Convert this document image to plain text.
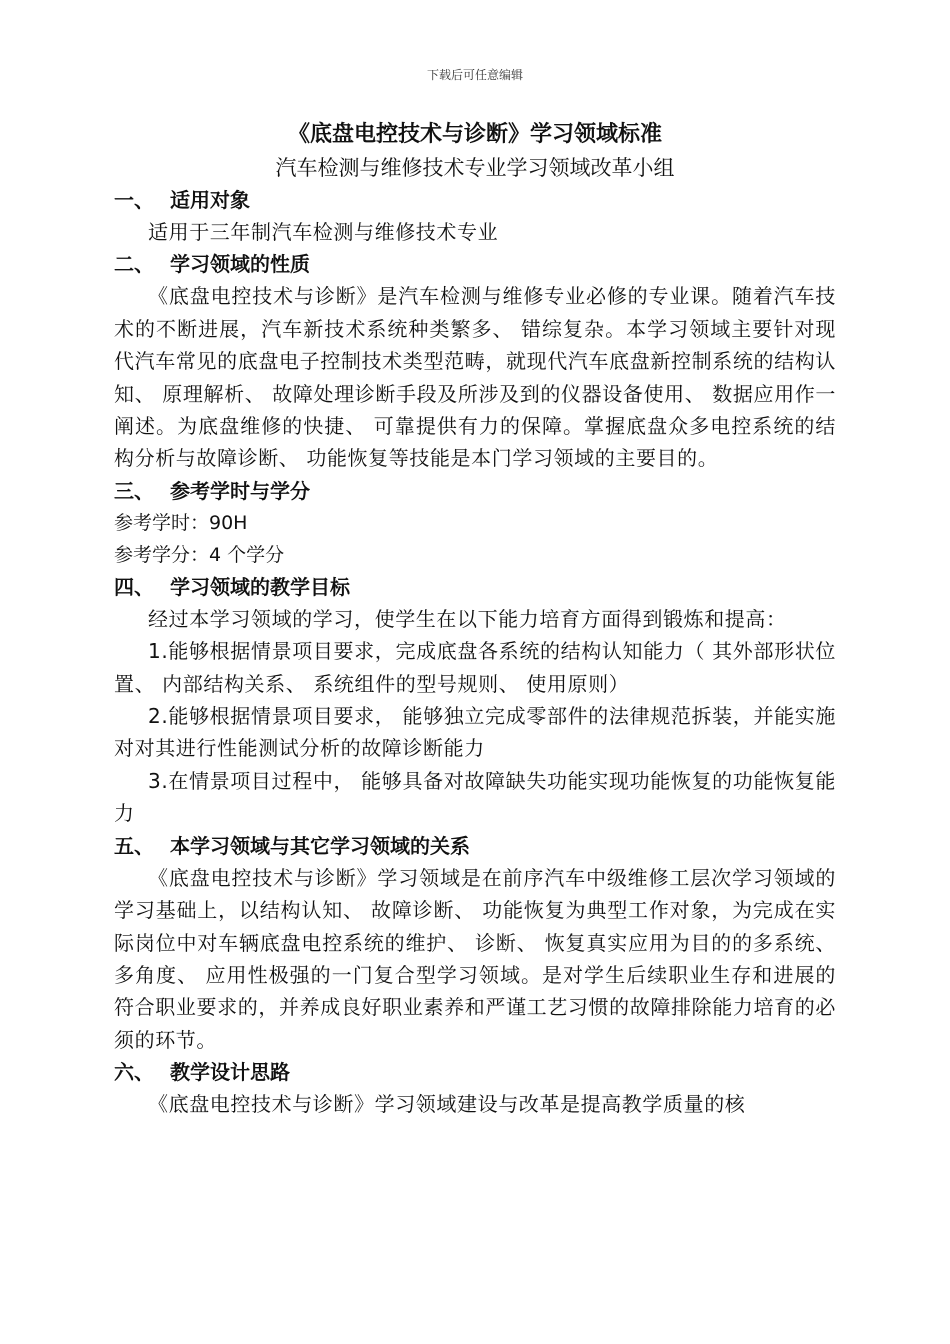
下载后可任意编辑
《底盘电控技术与诊断》学习领域标准
汽车检测与维修技术专业学习领域改革小组
一、 适用对象

适用于三年制汽车检测与维修技术专业

二、 学习领域的性质

《底盘电控技术与诊断》是汽车检测与维修专业必修的专业课。随着汽车技术的不断进展，汽车新技术系统种类繁多、 错综复杂。本学习领域主要针对现代汽车常见的底盘电子控制技术类型范畴，就现代汽车底盘新控制系统的结构认知、 原理解析、 故障处理诊断手段及所涉及到的仪器设备使用、 数据应用作一阐述。为底盘维修的快捷、 可靠提供有力的保障。掌握底盘众多电控系统的结构分析与故障诊断、 功能恢复等技能是本门学习领域的主要目的。

三、 参考学时与学分
参考学时：90H
参考学分：4 个学分
四、 学习领域的教学目标

经过本学习领域的学习，使学生在以下能力培育方面得到锻炼和提高：

1.能够根据情景项目要求，完成底盘各系统的结构认知能力（ 其外部形状位置、 内部结构关系、 系统组件的型号规则、 使用原则）

2.能够根据情景项目要求， 能够独立完成零部件的法律规范拆装，并能实施对对其进行性能测试分析的故障诊断能力

3.在情景项目过程中， 能够具备对故障缺失功能实现功能恢复的功能恢复能力

五、 本学习领域与其它学习领域的关系

《底盘电控技术与诊断》学习领域是在前序汽车中级维修工层次学习领域的学习基础上，以结构认知、 故障诊断、 功能恢复为典型工作对象，为完成在实际岗位中对车辆底盘电控系统的维护、 诊断、 恢复真实应用为目的的多系统、 多角度、 应用性极强的一门复合型学习领域。是对学生后续职业生存和进展的符合职业要求的，并养成良好职业素养和严谨工艺习惯的故障排除能力培育的必须的环节。

六、 教学设计思路

《底盘电控技术与诊断》学习领域建设与改革是提高教学质量的核
